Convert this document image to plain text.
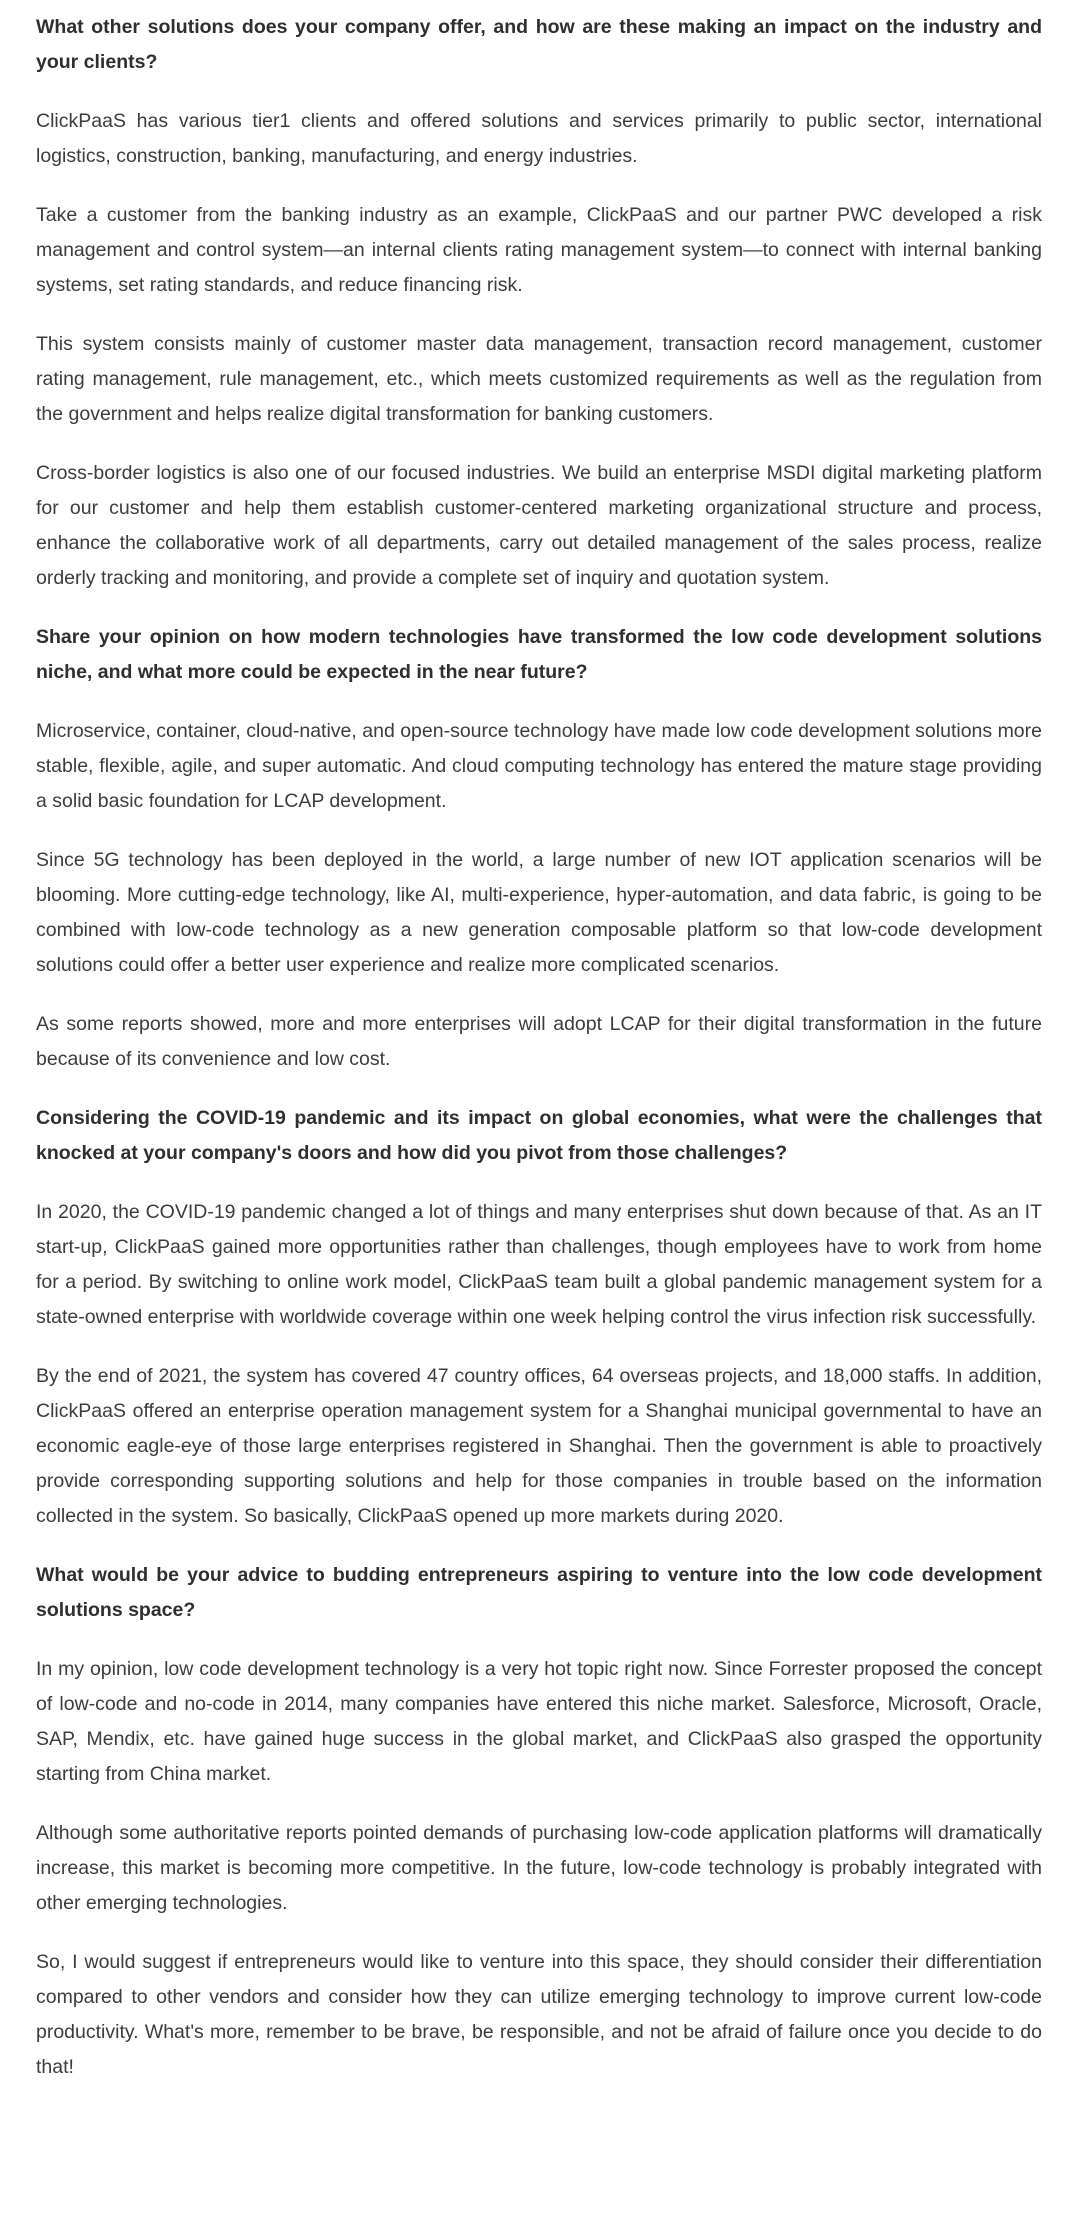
What other solutions does your company offer, and how are these making an impact on the industry and your clients?

ClickPaaS has various tier1 clients and offered solutions and services primarily to public sector, international logistics, construction, banking, manufacturing, and energy industries.

Take a customer from the banking industry as an example, ClickPaaS and our partner PWC developed a risk management and control system—an internal clients rating management system—to connect with internal banking systems, set rating standards, and reduce financing risk.

This system consists mainly of customer master data management, transaction record management, customer rating management, rule management, etc., which meets customized requirements as well as the regulation from the government and helps realize digital transformation for banking customers.

Cross-border logistics is also one of our focused industries. We build an enterprise MSDI digital marketing platform for our customer and help them establish customer-centered marketing organizational structure and process, enhance the collaborative work of all departments, carry out detailed management of the sales process, realize orderly tracking and monitoring, and provide a complete set of inquiry and quotation system.

Share your opinion on how modern technologies have transformed the low code development solutions niche, and what more could be expected in the near future?

Microservice, container, cloud-native, and open-source technology have made low code development solutions more stable, flexible, agile, and super automatic. And cloud computing technology has entered the mature stage providing a solid basic foundation for LCAP development.

Since 5G technology has been deployed in the world, a large number of new IOT application scenarios will be blooming. More cutting-edge technology, like AI, multi-experience, hyper-automation, and data fabric, is going to be combined with low-code technology as a new generation composable platform so that low-code development solutions could offer a better user experience and realize more complicated scenarios.

As some reports showed, more and more enterprises will adopt LCAP for their digital transformation in the future because of its convenience and low cost.

Considering the COVID-19 pandemic and its impact on global economies, what were the challenges that knocked at your company's doors and how did you pivot from those challenges?

In 2020, the COVID-19 pandemic changed a lot of things and many enterprises shut down because of that. As an IT start-up, ClickPaaS gained more opportunities rather than challenges, though employees have to work from home for a period. By switching to online work model, ClickPaaS team built a global pandemic management system for a state-owned enterprise with worldwide coverage within one week helping control the virus infection risk successfully.

By the end of 2021, the system has covered 47 country offices, 64 overseas projects, and 18,000 staffs. In addition, ClickPaaS offered an enterprise operation management system for a Shanghai municipal governmental to have an economic eagle-eye of those large enterprises registered in Shanghai. Then the government is able to proactively provide corresponding supporting solutions and help for those companies in trouble based on the information collected in the system. So basically, ClickPaaS opened up more markets during 2020.

What would be your advice to budding entrepreneurs aspiring to venture into the low code development solutions space?

In my opinion, low code development technology is a very hot topic right now. Since Forrester proposed the concept of low-code and no-code in 2014, many companies have entered this niche market. Salesforce, Microsoft, Oracle, SAP, Mendix, etc. have gained huge success in the global market, and ClickPaaS also grasped the opportunity starting from China market.

Although some authoritative reports pointed demands of purchasing low-code application platforms will dramatically increase, this market is becoming more competitive. In the future, low-code technology is probably integrated with other emerging technologies.

So, I would suggest if entrepreneurs would like to venture into this space, they should consider their differentiation compared to other vendors and consider how they can utilize emerging technology to improve current low-code productivity. What's more, remember to be brave, be responsible, and not be afraid of failure once you decide to do that!
